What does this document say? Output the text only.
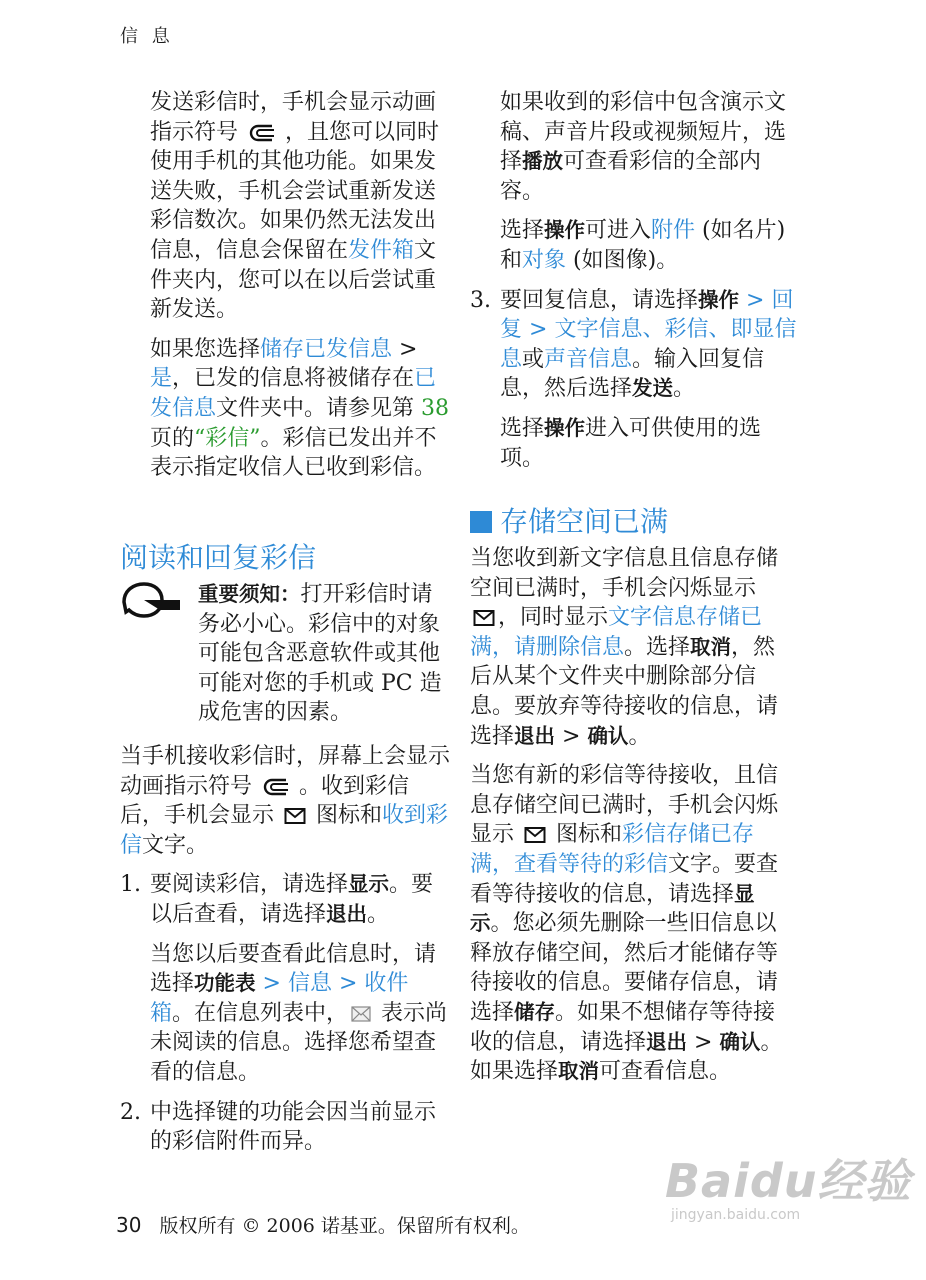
信 息

发送彩信时，手机会显示动画指示符号 ，且您可以同时使用手机的其他功能。如果发送失败，手机会尝试重新发送彩信数次。如果仍然无法发出信息，信息会保留在发件箱文件夹内，您可以在以后尝试重新发送。

如果您选择储存已发信息 > 是，已发的信息将被储存在已发信息文件夹中。请参见第 38 页的“彩信”。彩信已发出并不表示指定收信人已收到彩信。

阅读和回复彩信
重要须知：打开彩信时请务必小心。彩信中的对象可能包含恶意软件或其他可能对您的手机或 PC 造成危害的因素。

当手机接收彩信时，屏幕上会显示动画指示符号 。收到彩信后，手机会显示  图标和收到彩信文字。

1. 要阅读彩信，请选择显示。要以后查看，请选择退出。
当您以后要查看此信息时，请选择功能表 > 信息 > 收件箱。在信息列表中， 表示尚未阅读的信息。选择您希望查看的信息。
2. 中选择键的功能会因当前显示的彩信附件而异。

如果收到的彩信中包含演示文稿、声音片段或视频短片，选择播放可查看彩信的全部内容。

选择操作可进入附件 (如名片) 和对象 (如图像)。

3. 要回复信息，请选择操作 > 回复 > 文字信息、彩信、即显信息或声音信息。输入回复信息，然后选择发送。
选择操作进入可供使用的选项。
存储空间已满

当您收到新文字信息且信息存储空间已满时，手机会闪烁显示 ，同时显示文字信息存储已满，请删除信息。选择取消，然后从某个文件夹中删除部分信息。要放弃等待接收的信息，请选择退出 > 确认。

当您有新的彩信等待接收，且信息存储空间已满时，手机会闪烁显示  图标和彩信存储已存满，查看等待的彩信文字。要查看等待接收的信息，请选择显示。您必须先删除一些旧信息以释放存储空间，然后才能储存等待接收的信息。要储存信息，请选择储存。如果不想储存等待接收的信息，请选择退出 > 确认。如果选择取消可查看信息。

30 版权所有 © 2006 诺基亚。保留所有权利。
Baidu经验
jingyan.baidu.com
